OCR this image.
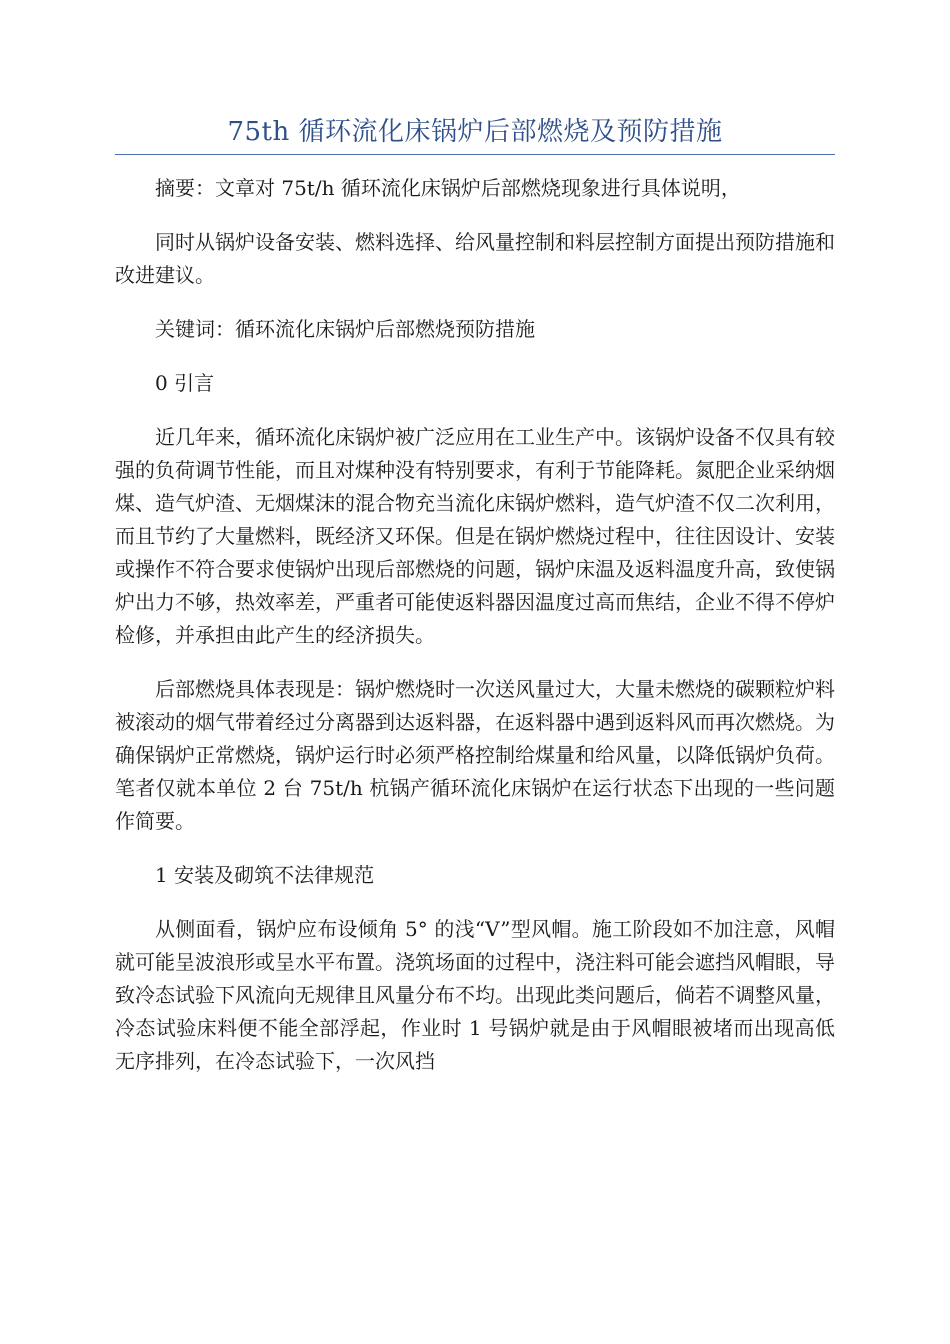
75th 循环流化床锅炉后部燃烧及预防措施

摘要：文章对 75t/h 循环流化床锅炉后部燃烧现象进行具体说明，

同时从锅炉设备安装、燃料选择、给风量控制和料层控制方面提出预防措施和改进建议。

关键词：循环流化床锅炉后部燃烧预防措施

0 引言

近几年来，循环流化床锅炉被广泛应用在工业生产中。该锅炉设备不仅具有较强的负荷调节性能，而且对煤种没有特别要求，有利于节能降耗。氮肥企业采纳烟煤、造气炉渣、无烟煤沫的混合物充当流化床锅炉燃料，造气炉渣不仅二次利用，而且节约了大量燃料，既经济又环保。但是在锅炉燃烧过程中，往往因设计、安装或操作不符合要求使锅炉出现后部燃烧的问题，锅炉床温及返料温度升高，致使锅炉出力不够，热效率差，严重者可能使返料器因温度过高而焦结，企业不得不停炉检修，并承担由此产生的经济损失。

后部燃烧具体表现是：锅炉燃烧时一次送风量过大，大量未燃烧的碳颗粒炉料被滚动的烟气带着经过分离器到达返料器，在返料器中遇到返料风而再次燃烧。为确保锅炉正常燃烧，锅炉运行时必须严格控制给煤量和给风量，以降低锅炉负荷。笔者仅就本单位 2 台 75t/h 杭锅产循环流化床锅炉在运行状态下出现的一些问题作简要。

1 安装及砌筑不法律规范

从侧面看，锅炉应布设倾角 5° 的浅“V”型风帽。施工阶段如不加注意，风帽就可能呈波浪形或呈水平布置。浇筑场面的过程中，浇注料可能会遮挡风帽眼，导致冷态试验下风流向无规律且风量分布不均。出现此类问题后，倘若不调整风量，冷态试验床料便不能全部浮起，作业时 1 号锅炉就是由于风帽眼被堵而出现高低无序排列，在冷态试验下，一次风挡
